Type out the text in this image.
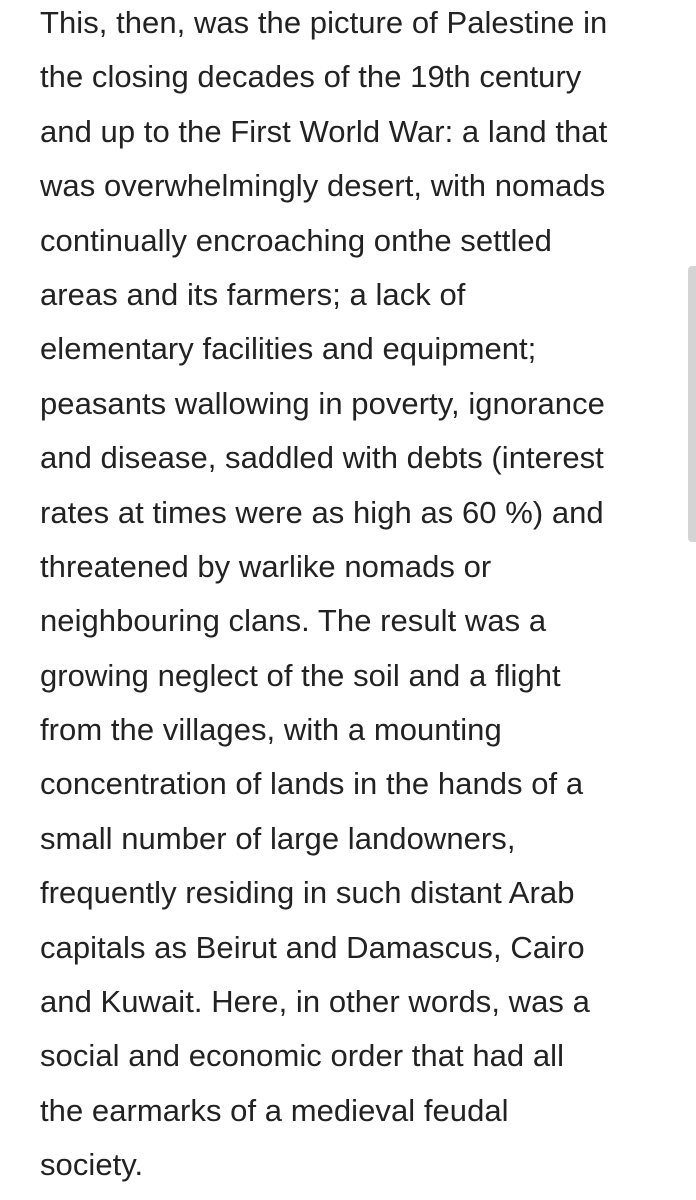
This, then, was the picture of Palestine in
the closing decades of the 19th century
and up to the First World War: a land that
was overwhelmingly desert, with nomads
continually encroaching onthe settled
areas and its farmers; a lack of
elementary facilities and equipment;
peasants wallowing in poverty, ignorance
and disease, saddled with debts (interest
rates at times were as high as 60 %) and
threatened by warlike nomads or
neighbouring clans. The result was a
growing neglect of the soil and a flight
from the villages, with a mounting
concentration of lands in the hands of a
small number of large landowners,
frequently residing in such distant Arab
capitals as Beirut and Damascus, Cairo
and Kuwait. Here, in other words, was a
social and economic order that had all
the earmarks of a medieval feudal
society.
